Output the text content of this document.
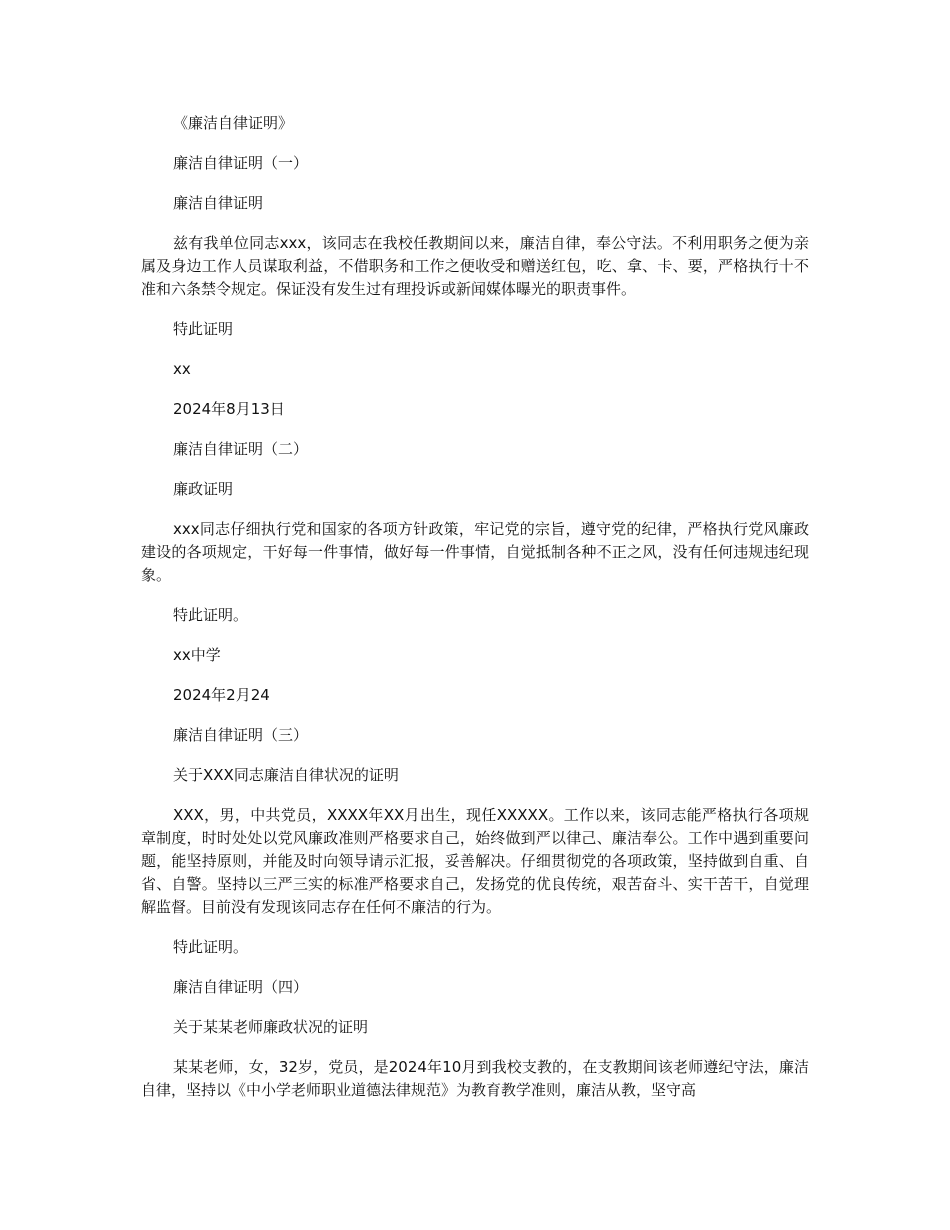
《廉洁自律证明》

廉洁自律证明（一）

廉洁自律证明

兹有我单位同志xxx，该同志在我校任教期间以来，廉洁自律，奉公守法。不利用职务之便为亲属及身边工作人员谋取利益，不借职务和工作之便收受和赠送红包，吃、拿、卡、要，严格执行十不准和六条禁令规定。保证没有发生过有理投诉或新闻媒体曝光的职责事件。

特此证明

xx

2024年8月13日

廉洁自律证明（二）

廉政证明

xxx同志仔细执行党和国家的各项方针政策，牢记党的宗旨，遵守党的纪律，严格执行党风廉政建设的各项规定，干好每一件事情，做好每一件事情，自觉抵制各种不正之风，没有任何违规违纪现象。

特此证明。

xx中学

2024年2月24

廉洁自律证明（三）

关于XXX同志廉洁自律状况的证明

XXX，男，中共党员，XXXX年XX月出生，现任XXXXX。工作以来，该同志能严格执行各项规章制度，时时处处以党风廉政准则严格要求自己，始终做到严以律己、廉洁奉公。工作中遇到重要问题，能坚持原则，并能及时向领导请示汇报，妥善解决。仔细贯彻党的各项政策，坚持做到自重、自省、自警。坚持以三严三实的标准严格要求自己，发扬党的优良传统，艰苦奋斗、实干苦干，自觉理解监督。目前没有发现该同志存在任何不廉洁的行为。

特此证明。

廉洁自律证明（四）

关于某某老师廉政状况的证明

某某老师，女，32岁，党员，是2024年10月到我校支教的，在支教期间该老师遵纪守法，廉洁自律，坚持以《中小学老师职业道德法律规范》为教育教学准则，廉洁从教，坚守高
